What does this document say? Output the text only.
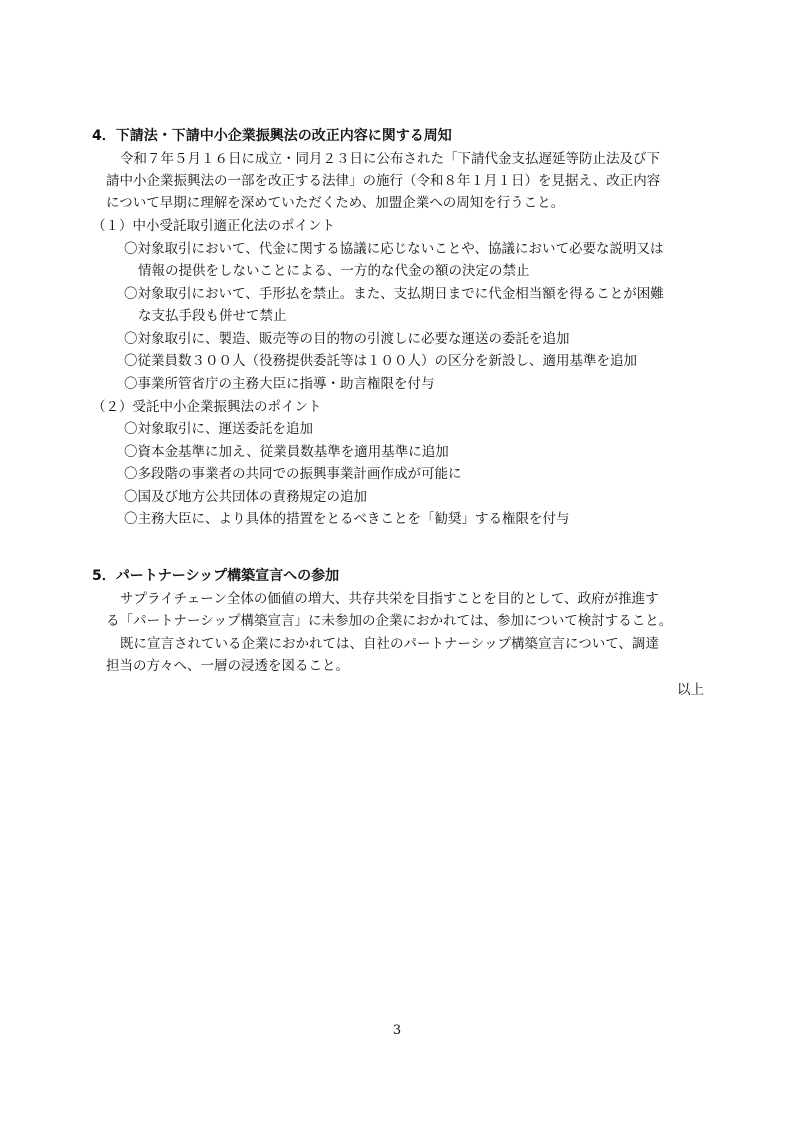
4．下請法・下請中小企業振興法の改正内容に関する周知
令和７年５月１６日に成立・同月２３日に公布された「下請代金支払遅延等防止法及び下
請中小企業振興法の一部を改正する法律」の施行（令和８年１月１日）を見据え、改正内容
について早期に理解を深めていただくため、加盟企業への周知を行うこと。
（１）中小受託取引適正化法のポイント
〇対象取引において、代金に関する協議に応じないことや、協議において必要な説明又は
情報の提供をしないことによる、一方的な代金の額の決定の禁止
〇対象取引において、手形払を禁止。また、支払期日までに代金相当額を得ることが困難
な支払手段も併せて禁止
〇対象取引に、製造、販売等の目的物の引渡しに必要な運送の委託を追加
〇従業員数３００人（役務提供委託等は１００人）の区分を新設し、適用基準を追加
〇事業所管省庁の主務大臣に指導・助言権限を付与
（２）受託中小企業振興法のポイント
〇対象取引に、運送委託を追加
〇資本金基準に加え、従業員数基準を適用基準に追加
〇多段階の事業者の共同での振興事業計画作成が可能に
〇国及び地方公共団体の責務規定の追加
〇主務大臣に、より具体的措置をとるべきことを「勧奨」する権限を付与
5．パートナーシップ構築宣言への参加
サプライチェーン全体の価値の増大、共存共栄を目指すことを目的として、政府が推進す
る「パートナーシップ構築宣言」に未参加の企業におかれては、参加について検討すること。
既に宣言されている企業におかれては、自社のパートナーシップ構築宣言について、調達
担当の方々へ、一層の浸透を図ること。
以上
3
